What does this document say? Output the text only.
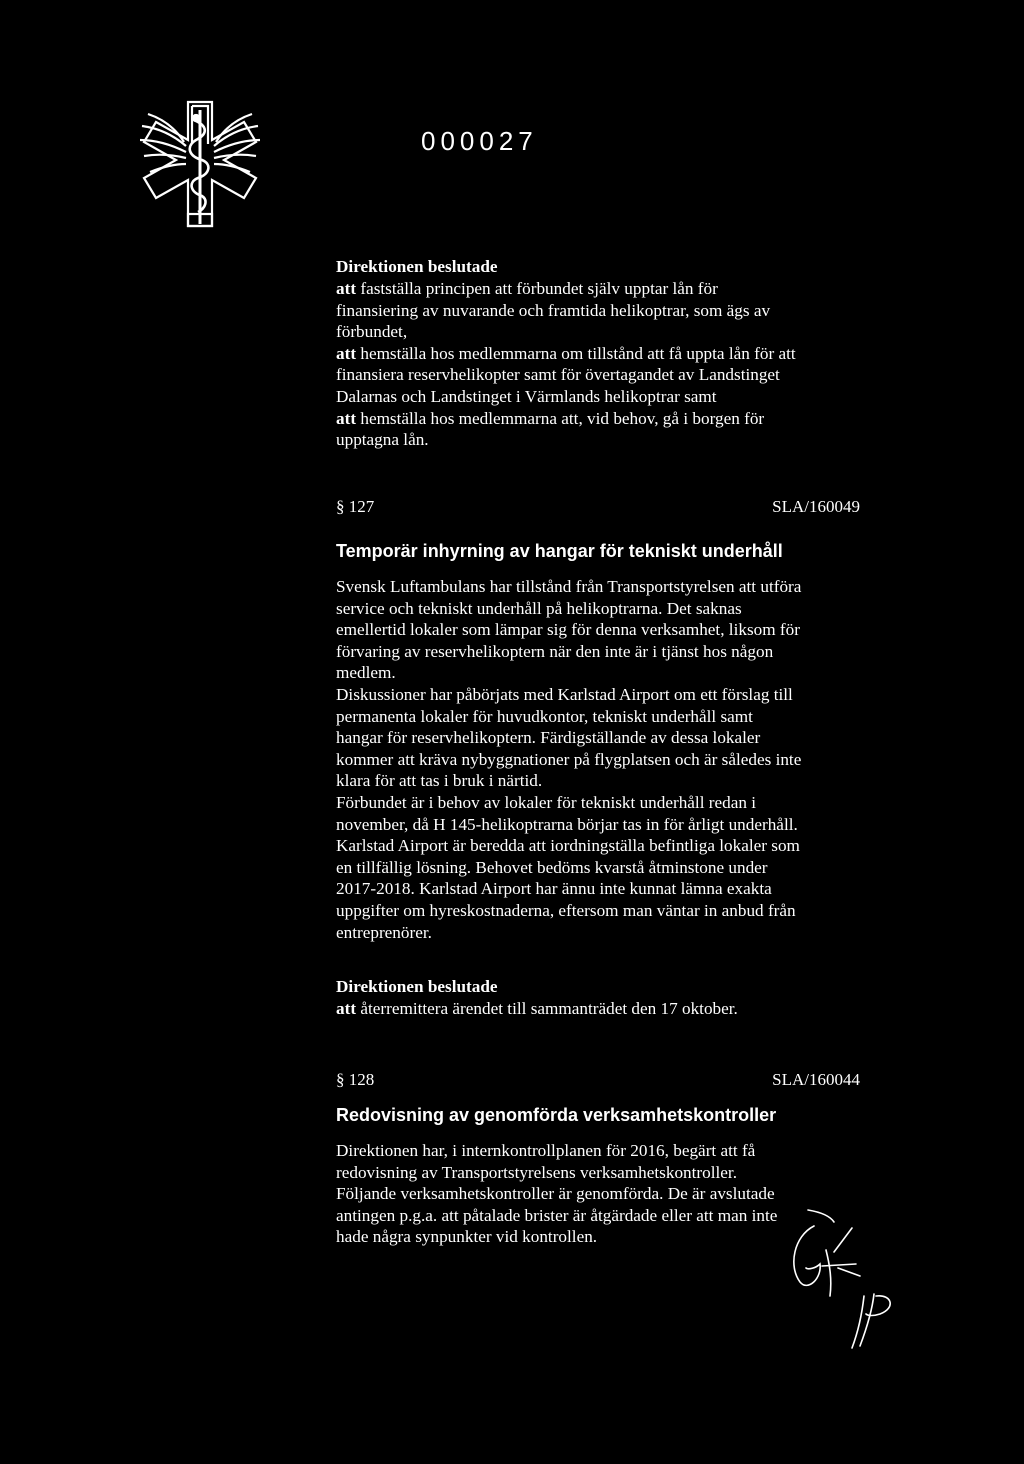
000027
Direktionen beslutade
att fastställa principen att förbundet själv upptar lån för
finansiering av nuvarande och framtida helikoptrar, som ägs av
förbundet,
att hemställa hos medlemmarna om tillstånd att få uppta lån för att
finansiera reservhelikopter samt för övertagandet av Landstinget
Dalarnas och Landstinget i Värmlands helikoptrar samt
att hemställa hos medlemmarna att, vid behov, gå i borgen för
upptagna lån.
§ 127	SLA/160049
Temporär inhyrning av hangar för tekniskt underhåll
Svensk Luftambulans har tillstånd från Transportstyrelsen att utföra
service och tekniskt underhåll på helikoptrarna. Det saknas
emellertid lokaler som lämpar sig för denna verksamhet, liksom för
förvaring av reservhelikoptern när den inte är i tjänst hos någon
medlem.
Diskussioner har påbörjats med Karlstad Airport om ett förslag till
permanenta lokaler för huvudkontor, tekniskt underhåll samt
hangar för reservhelikoptern. Färdigställande av dessa lokaler
kommer att kräva nybyggnationer på flygplatsen och är således inte
klara för att tas i bruk i närtid.
Förbundet är i behov av lokaler för tekniskt underhåll redan i
november, då H 145-helikoptrarna börjar tas in för årligt underhåll.
Karlstad Airport är beredda att iordningställa befintliga lokaler som
en tillfällig lösning. Behovet bedöms kvarstå åtminstone under
2017-2018. Karlstad Airport har ännu inte kunnat lämna exakta
uppgifter om hyreskostnaderna, eftersom man väntar in anbud från
entreprenörer.
Direktionen beslutade
att återremittera ärendet till sammanträdet den 17 oktober.
§ 128	SLA/160044
Redovisning av genomförda verksamhetskontroller
Direktionen har, i internkontrollplanen för 2016, begärt att få
redovisning av Transportstyrelsens verksamhetskontroller.
Följande verksamhetskontroller är genomförda. De är avslutade
antingen p.g.a. att påtalade brister är åtgärdade eller att man inte
hade några synpunkter vid kontrollen.
